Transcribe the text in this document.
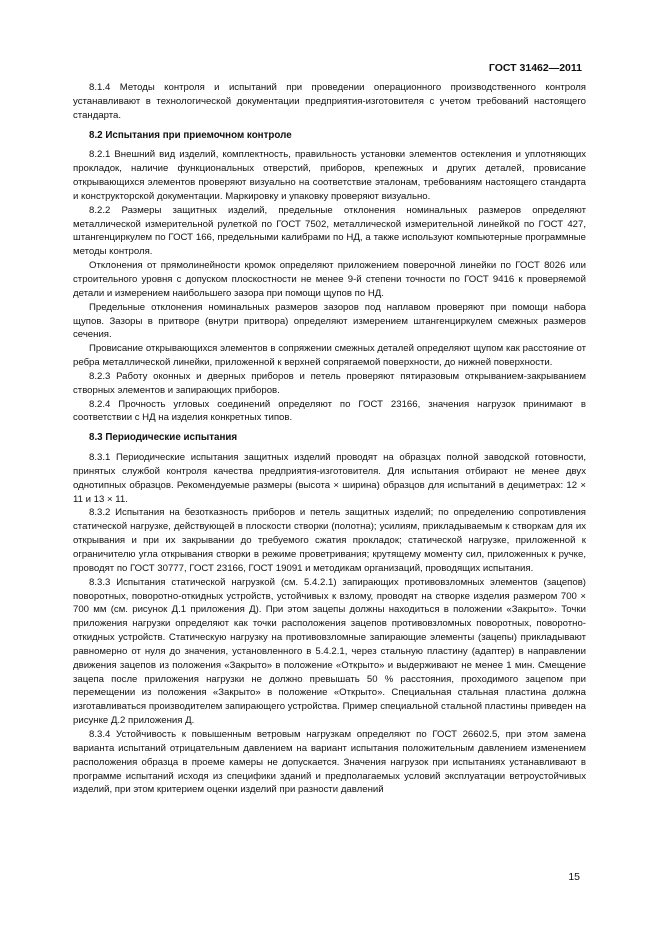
ГОСТ 31462—2011

8.1.4 Методы контроля и испытаний при проведении операционного производственного контроля устанавливают в технологической документации предприятия-изготовителя с учетом требований настоящего стандарта.

8.2 Испытания при приемочном контроле

8.2.1 Внешний вид изделий, комплектность, правильность установки элементов остекления и уплотняющих прокладок, наличие функциональных отверстий, приборов, крепежных и других деталей, провисание открывающихся элементов проверяют визуально на соответствие эталонам, требованиям настоящего стандарта и конструкторской документации. Маркировку и упаковку проверяют визуально.

8.2.2 Размеры защитных изделий, предельные отклонения номинальных размеров определяют металлической измерительной рулеткой по ГОСТ 7502, металлической измерительной линейкой по ГОСТ 427, штангенциркулем по ГОСТ 166, предельными калибрами по НД, а также используют компьютерные программные методы контроля.

Отклонения от прямолинейности кромок определяют приложением поверочной линейки по ГОСТ 8026 или строительного уровня с допуском плоскостности не менее 9-й степени точности по ГОСТ 9416 к проверяемой детали и измерением наибольшего зазора при помощи щупов по НД.

Предельные отклонения номинальных размеров зазоров под наплавом проверяют при помощи набора щупов. Зазоры в притворе (внутри притвора) определяют измерением штангенциркулем смежных размеров сечения.

Провисание открывающихся элементов в сопряжении смежных деталей определяют щупом как расстояние от ребра металлической линейки, приложенной к верхней сопрягаемой поверхности, до нижней поверхности.

8.2.3 Работу оконных и дверных приборов и петель проверяют пятиразовым открыванием-закрыванием створных элементов и запирающих приборов.

8.2.4 Прочность угловых соединений определяют по ГОСТ 23166, значения нагрузок принимают в соответствии с НД на изделия конкретных типов.

8.3 Периодические испытания

8.3.1 Периодические испытания защитных изделий проводят на образцах полной заводской готовности, принятых службой контроля качества предприятия-изготовителя. Для испытания отбирают не менее двух однотипных образцов. Рекомендуемые размеры (высота × ширина) образцов для испытаний в дециметрах: 12 × 11 и 13 × 11.

8.3.2 Испытания на безотказность приборов и петель защитных изделий; по определению сопротивления статической нагрузке, действующей в плоскости створки (полотна); усилиям, прикладываемым к створкам для их открывания и при их закрывании до требуемого сжатия прокладок; статической нагрузке, приложенной к ограничителю угла открывания створки в режиме проветривания; крутящему моменту сил, приложенных к ручке, проводят по ГОСТ 30777, ГОСТ 23166, ГОСТ 19091 и методикам организаций, проводящих испытания.

8.3.3 Испытания статической нагрузкой (см. 5.4.2.1) запирающих противовзломных элементов (зацепов) поворотных, поворотно-откидных устройств, устойчивых к взлому, проводят на створке изделия размером 700 × 700 мм (см. рисунок Д.1 приложения Д). При этом зацепы должны находиться в положении «Закрыто». Точки приложения нагрузки определяют как точки расположения зацепов противовзломных поворотных, поворотно-откидных устройств. Статическую нагрузку на противовзломные запирающие элементы (зацепы) прикладывают равномерно от нуля до значения, установленного в 5.4.2.1, через стальную пластину (адаптер) в направлении движения зацепов из положения «Закрыто» в положение «Открыто» и выдерживают не менее 1 мин. Смещение зацепа после приложения нагрузки не должно превышать 50 % расстояния, проходимого зацепом при перемещении из положения «Закрыто» в положение «Открыто». Специальная стальная пластина должна изготавливаться производителем запирающего устройства. Пример специальной стальной пластины приведен на рисунке Д.2 приложения Д.

8.3.4 Устойчивость к повышенным ветровым нагрузкам определяют по ГОСТ 26602.5, при этом замена варианта испытаний отрицательным давлением на вариант испытания положительным давлением изменением расположения образца в проеме камеры не допускается. Значения нагрузок при испытаниях устанавливают в программе испытаний исходя из специфики зданий и предполагаемых условий эксплуатации ветроустойчивых изделий, при этом критерием оценки изделий при разности давлений

15
